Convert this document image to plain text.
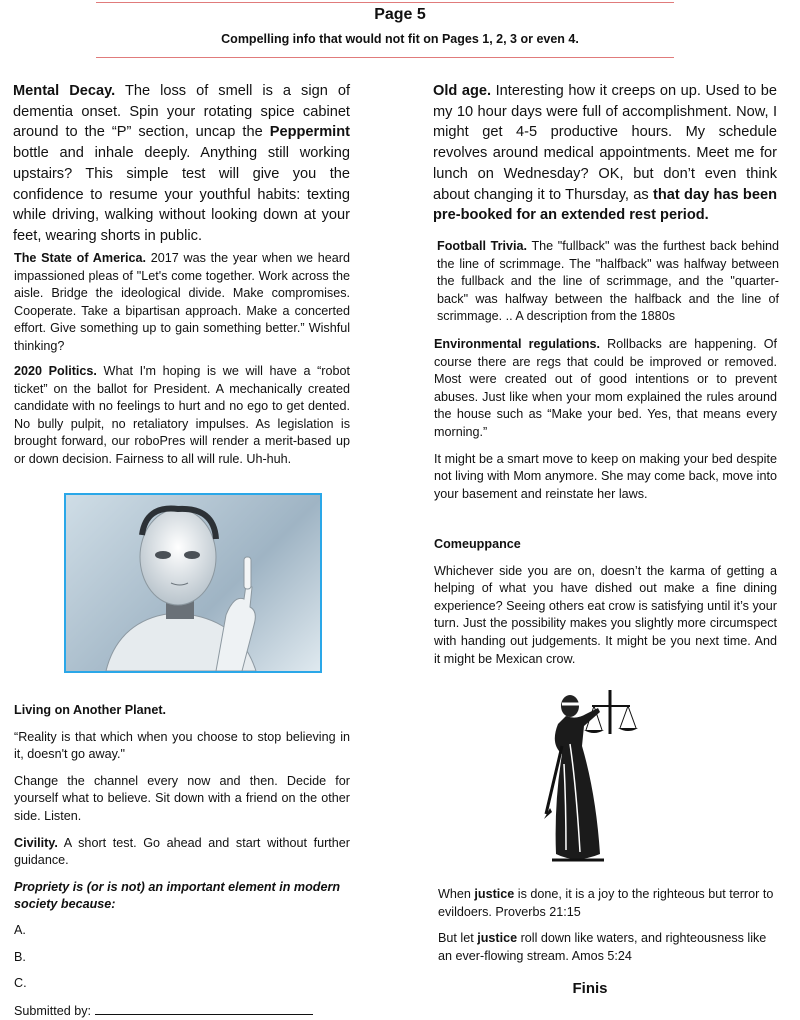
Page 5
Compelling info that would not fit on Pages 1, 2, 3 or even 4.

Mental Decay. The loss of smell is a sign of dementia onset. Spin your rotating spice cabinet around to the “P” section, uncap the Peppermint bottle and inhale deeply. Anything still working upstairs? This simple test will give you the confidence to resume your youthful habits: texting while driving, walking without looking down at your feet, wearing shorts in public.

The State of America. 2017 was the year when we heard impassioned pleas of "Let's come together. Work across the aisle. Bridge the ideological divide. Make compromises. Cooperate. Take a bipartisan approach. Make a concerted effort. Give something up to gain something better.” Wishful thinking?

2020 Politics. What I'm hoping is we will have a “robot ticket” on the ballot for President. A mechanically created candidate with no feelings to hurt and no ego to get dented. No bully pulpit, no retaliatory impulses. As legislation is brought forward, our roboPres will render a merit-based up or down decision. Fairness to all will rule. Uh-huh.

Living on Another Planet.

“Reality is that which when you choose to stop believing in it, doesn't go away."

Change the channel every now and then. Decide for yourself what to believe. Sit down with a friend on the other side. Listen.

Civility. A short test. Go ahead and start without further guidance.

Propriety is (or is not) an important element in modern society because:

A.

B.

C.

Submitted by:

Old age. Interesting how it creeps on up. Used to be my 10 hour days were full of accomplishment. Now, I might get 4-5 productive hours. My schedule revolves around medical appointments. Meet me for lunch on Wednesday? OK, but don’t even think about changing it to Thursday, as that day has been pre-booked for an extended rest period.

Football Trivia. The "fullback" was the furthest back behind the line of scrimmage. The "halfback" was halfway between the fullback and the line of scrimmage, and the "quarter-back" was halfway between the halfback and the line of scrimmage. .. A description from the 1880s

Environmental regulations. Rollbacks are happening. Of course there are regs that could be improved or removed. Most were created out of good intentions or to prevent abuses. Just like when your mom explained the rules around the house such as “Make your bed. Yes, that means every morning.”

It might be a smart move to keep on making your bed despite not living with Mom anymore. She may come back, move into your basement and reinstate her laws.

Comeuppance

Whichever side you are on, doesn’t the karma of getting a helping of what you have dished out make a fine dining experience? Seeing others eat crow is satisfying until it’s your turn. Just the possibility makes you slightly more circumspect with handing out judgements. It might be you next time. And it might be Mexican crow.

When justice is done, it is a joy to the righteous but terror to evildoers. Proverbs 21:15

But let justice roll down like waters, and righteousness like an ever-flowing stream. Amos 5:24

Finis
